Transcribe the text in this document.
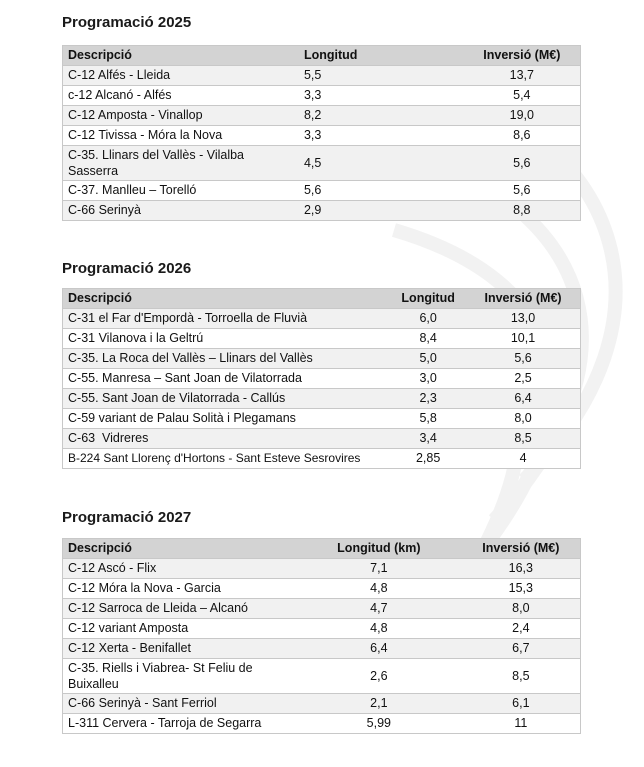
Programació 2025
Descripció	Longitud	Inversió (M€)
C-12 Alfés - Lleida	5,5	13,7
c-12 Alcanó - Alfés	3,3	5,4
C-12 Amposta - Vinallop	8,2	19,0
C-12 Tivissa - Móra la Nova	3,3	8,6
C-35. Llinars del Vallès - Vilalba Sasserra	4,5	5,6
C-37. Manlleu – Torelló	5,6	5,6
C-66 Serinyà	2,9	8,8
Programació 2026
Descripció	Longitud	Inversió (M€)
C-31 el Far d'Empordà - Torroella de Fluvià	6,0	13,0
C-31 Vilanova i la Geltrú	8,4	10,1
C-35. La Roca del Vallès – Llinars del Vallès	5,0	5,6
C-55. Manresa – Sant Joan de Vilatorrada	3,0	2,5
C-55. Sant Joan de Vilatorrada - Callús	2,3	6,4
C-59 variant de Palau Solità i Plegamans	5,8	8,0
C-63  Vidreres	3,4	8,5
B-224 Sant Llorenç d'Hortons - Sant Esteve Sesrovires	2,85	4
Programació 2027
Descripció	Longitud (km)	Inversió (M€)
C-12 Ascó - Flix	7,1	16,3
C-12 Móra la Nova - Garcia	4,8	15,3
C-12 Sarroca de Lleida – Alcanó	4,7	8,0
C-12 variant Amposta	4,8	2,4
C-12 Xerta - Benifallet	6,4	6,7
C-35. Riells i Viabrea- St Feliu de Buixalleu	2,6	8,5
C-66 Serinyà - Sant Ferriol	2,1	6,1
L-311 Cervera - Tarroja de Segarra	5,99	11
